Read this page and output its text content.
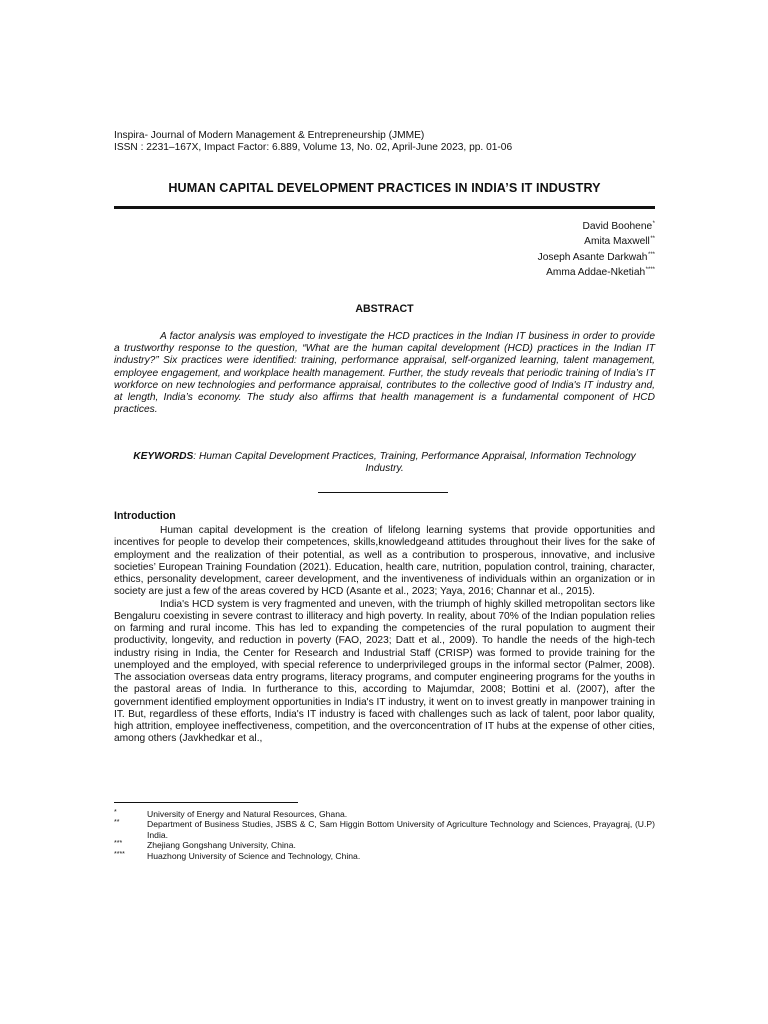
Inspira- Journal of Modern Management & Entrepreneurship (JMME)
ISSN : 2231–167X, Impact Factor: 6.889, Volume 13, No. 02, April-June 2023, pp. 01-06
HUMAN CAPITAL DEVELOPMENT PRACTICES IN INDIA’S IT INDUSTRY
David Boohene*
Amita Maxwell**
Joseph Asante Darkwah***
Amma Addae-Nketiah****
ABSTRACT

A factor analysis was employed to investigate the HCD practices in the Indian IT business in order to provide a trustworthy response to the question, “What are the human capital development (HCD) practices in the Indian IT industry?” Six practices were identified: training, performance appraisal, self-organized learning, talent management, employee engagement, and workplace health management. Further, the study reveals that periodic training of India’s IT workforce on new technologies and performance appraisal, contributes to the collective good of India's IT industry and, at length, India’s economy. The study also affirms that health management is a fundamental component of HCD practices.

KEYWORDS: Human Capital Development Practices, Training, Performance Appraisal, Information Technology Industry.
Introduction

Human capital development is the creation of lifelong learning systems that provide opportunities and incentives for people to develop their competences, skills,knowledgeand attitudes throughout their lives for the sake of employment and the realization of their potential, as well as a contribution to prosperous, innovative, and inclusive societies’ European Training Foundation (2021). Education, health care, nutrition, population control, training, character, ethics, personality development, career development, and the inventiveness of individuals within an organization or in society are just a few of the areas covered by HCD (Asante et al., 2023; Yaya, 2016; Channar et al., 2015).

India's HCD system is very fragmented and uneven, with the triumph of highly skilled metropolitan sectors like Bengaluru coexisting in severe contrast to illiteracy and high poverty. In reality, about 70% of the Indian population relies on farming and rural income. This has led to expanding the competencies of the rural population to augment their productivity, longevity, and reduction in poverty (FAO, 2023; Datt et al., 2009). To handle the needs of the high-tech industry rising in India, the Center for Research and Industrial Staff (CRISP) was formed to provide training for the unemployed and the employed, with special reference to underprivileged groups in the informal sector (Palmer, 2008). The association overseas data entry programs, literacy programs, and computer engineering programs for the youths in the pastoral areas of India. In furtherance to this, according to Majumdar, 2008; Bottini et al. (2007), after the government identified employment opportunities in India's IT industry, it went on to invest greatly in manpower training in IT. But, regardless of these efforts, India's IT industry is faced with challenges such as lack of talent, poor labor quality, high attrition, employee ineffectiveness, competition, and the overconcentration of IT hubs at the expense of other cities, among others (Javkhedkar et al.,

*	University of Energy and Natural Resources, Ghana.
**	Department of Business Studies, JSBS & C, Sam Higgin Bottom University of Agriculture Technology and Sciences, Prayagraj, (U.P) India.
***	Zhejiang Gongshang University, China.
****	Huazhong University of Science and Technology, China.
